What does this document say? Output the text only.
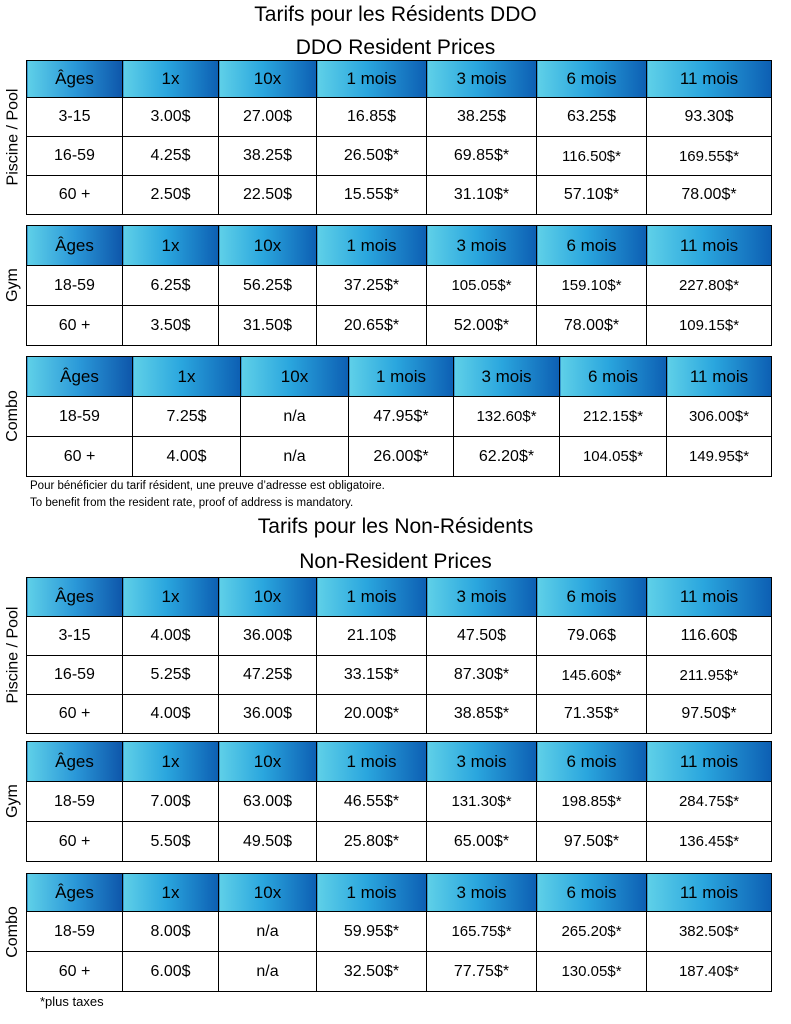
Tarifs pour les Résidents DDO
DDO Resident Prices
Piscine / Pool
Âges	1x	10x	1 mois	3 mois	6 mois	11 mois
3-15	3.00$	27.00$	16.85$	38.25$	63.25$	93.30$
16-59	4.25$	38.25$	26.50$*	69.85$*	116.50$*	169.55$*
60 +	2.50$	22.50$	15.55$*	31.10$*	57.10$*	78.00$*
Gym
Âges	1x	10x	1 mois	3 mois	6 mois	11 mois
18-59	6.25$	56.25$	37.25$*	105.05$*	159.10$*	227.80$*
60 +	3.50$	31.50$	20.65$*	52.00$*	78.00$*	109.15$*
Combo
Âges	1x	10x	1 mois	3 mois	6 mois	11 mois
18-59	7.25$	n/a	47.95$*	132.60$*	212.15$*	306.00$*
60 +	4.00$	n/a	26.00$*	62.20$*	104.05$*	149.95$*
Pour bénéficier du tarif résident, une preuve d’adresse est obligatoire.
To benefit from the resident rate, proof of address is mandatory.
Tarifs pour les Non-Résidents
Non-Resident Prices
Piscine / Pool
Âges	1x	10x	1 mois	3 mois	6 mois	11 mois
3-15	4.00$	36.00$	21.10$	47.50$	79.06$	116.60$
16-59	5.25$	47.25$	33.15$*	87.30$*	145.60$*	211.95$*
60 +	4.00$	36.00$	20.00$*	38.85$*	71.35$*	97.50$*
Gym
Âges	1x	10x	1 mois	3 mois	6 mois	11 mois
18-59	7.00$	63.00$	46.55$*	131.30$*	198.85$*	284.75$*
60 +	5.50$	49.50$	25.80$*	65.00$*	97.50$*	136.45$*
Combo
Âges	1x	10x	1 mois	3 mois	6 mois	11 mois
18-59	8.00$	n/a	59.95$*	165.75$*	265.20$*	382.50$*
60 +	6.00$	n/a	32.50$*	77.75$*	130.05$*	187.40$*
*plus taxes
